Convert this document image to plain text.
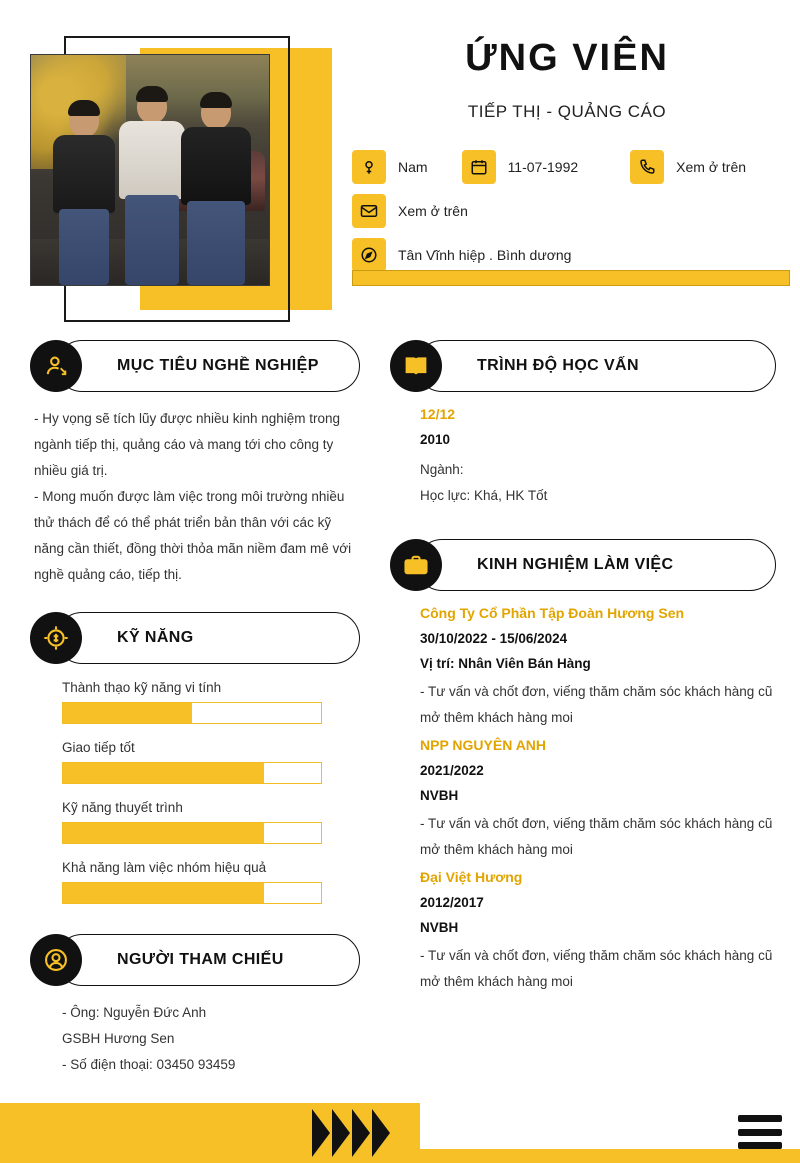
ỨNG VIÊN
TIẾP THỊ - QUẢNG CÁO
Nam	11-07-1992	Xem ở trên
Xem ở trên
Tân Vĩnh hiệp . Bình dương
MỤC TIÊU NGHỀ NGHIỆP

- Hy vọng sẽ tích lũy được nhiều kinh nghiệm trong ngành tiếp thị, quảng cáo và mang tới cho công ty nhiều giá trị.

- Mong muốn được làm việc trong môi trường nhiều thử thách để có thể phát triển bản thân với các kỹ năng cần thiết, đồng thời thỏa mãn niềm đam mê với nghề quảng cáo, tiếp thị.

KỸ NĂNG
Thành thạo kỹ năng vi tính
Giao tiếp tốt
Kỹ năng thuyết trình
Khả năng làm việc nhóm hiệu quả
NGƯỜI THAM CHIẾU
- Ông: Nguyễn Đức Anh
GSBH Hương Sen
- Số điện thoại: 03450 93459
TRÌNH ĐỘ HỌC VẤN
12/12
2010
Ngành:
Học lực: Khá, HK Tốt
KINH NGHIỆM LÀM VIỆC
Công Ty Cổ Phần Tập Đoàn Hương Sen
30/10/2022 - 15/06/2024
Vị trí: Nhân Viên Bán Hàng
- Tư vấn và chốt đơn, viếng thăm chăm sóc khách hàng cũ mở thêm khách hàng moi
NPP NGUYÊN ANH
2021/2022
NVBH
- Tư vấn và chốt đơn, viếng thăm chăm sóc khách hàng cũ mở thêm khách hàng moi
Đại Việt Hương
2012/2017
NVBH
- Tư vấn và chốt đơn, viếng thăm chăm sóc khách hàng cũ mở thêm khách hàng moi
